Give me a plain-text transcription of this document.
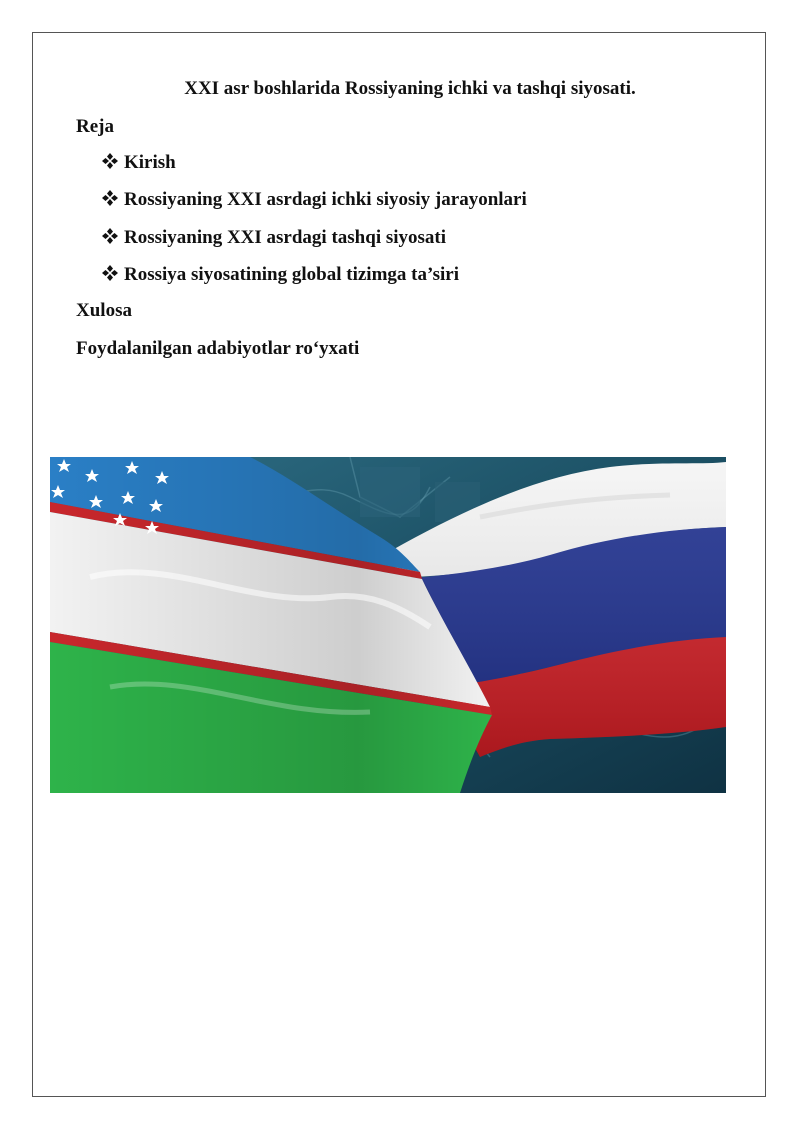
XXI asr boshlarida Rossiyaning ichki va tashqi siyosati.
Reja
Kirish
Rossiyaning XXI asrdagi ichki siyosiy jarayonlari
Rossiyaning XXI asrdagi tashqi siyosati
Rossiya siyosatining global tizimga ta’siri
Xulosa
Foydalanilgan adabiyotlar ro‘yxati
